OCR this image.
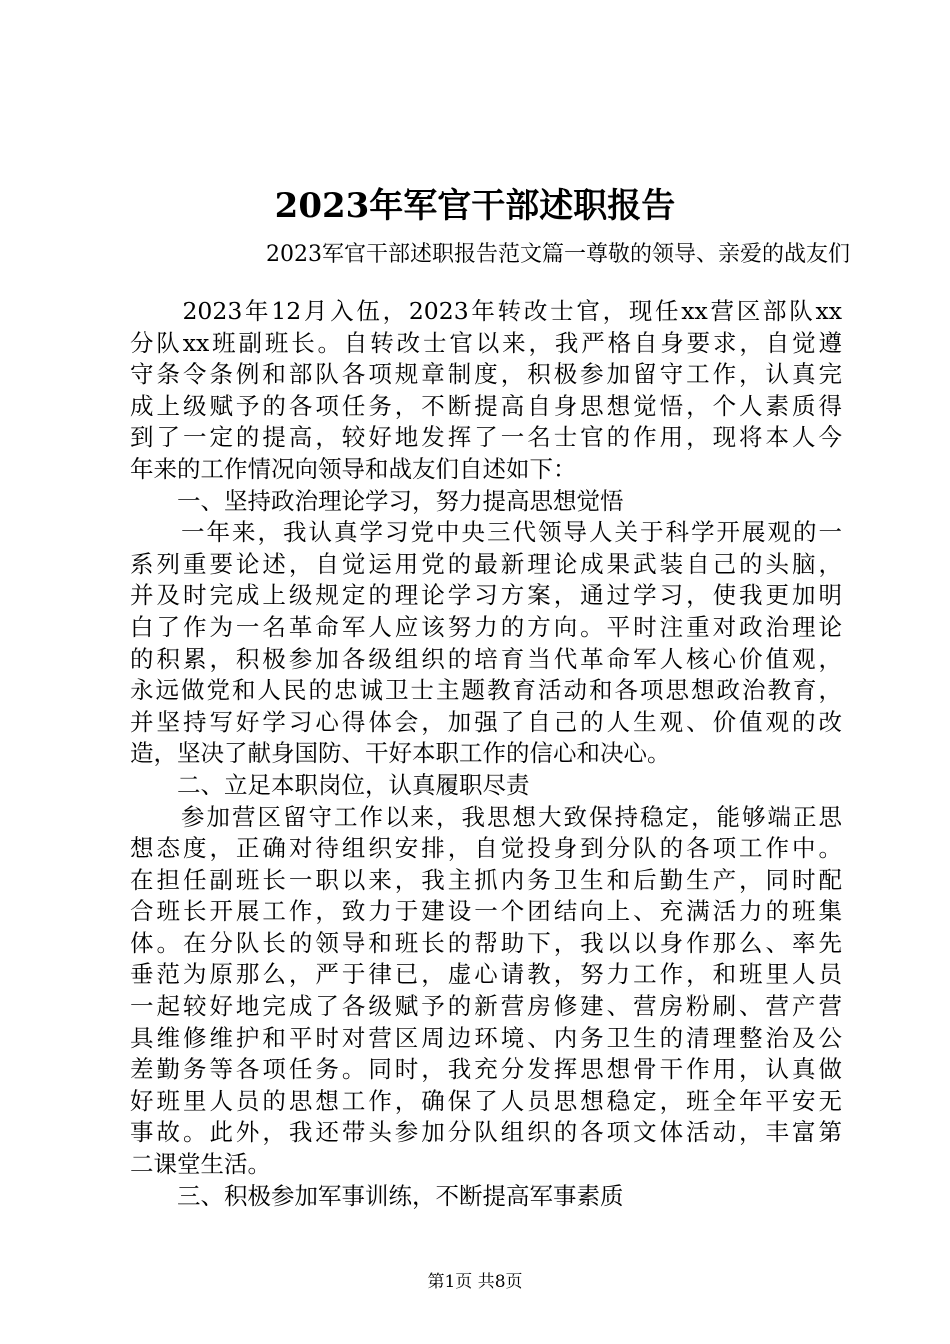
2023年军官干部述职报告
2023军官干部述职报告范文篇一尊敬的领导、亲爱的战友们
　　2023年12月入伍，2023年转改士官，现任xx营区部队xx
分队xx班副班长。自转改士官以来，我严格自身要求，自觉遵
守条令条例和部队各项规章制度，积极参加留守工作，认真完
成上级赋予的各项任务，不断提高自身思想觉悟，个人素质得
到了一定的提高，较好地发挥了一名士官的作用，现将本人今
年来的工作情况向领导和战友们自述如下：
　　一、坚持政治理论学习，努力提高思想觉悟
　　一年来，我认真学习党中央三代领导人关于科学开展观的一
系列重要论述，自觉运用党的最新理论成果武装自己的头脑，
并及时完成上级规定的理论学习方案，通过学习，使我更加明
白了作为一名革命军人应该努力的方向。平时注重对政治理论
的积累，积极参加各级组织的培育当代革命军人核心价值观，
永远做党和人民的忠诚卫士主题教育活动和各项思想政治教育，
并坚持写好学习心得体会，加强了自己的人生观、价值观的改
造，坚决了献身国防、干好本职工作的信心和决心。
　　二、立足本职岗位，认真履职尽责
　　参加营区留守工作以来，我思想大致保持稳定，能够端正思
想态度，正确对待组织安排，自觉投身到分队的各项工作中。
在担任副班长一职以来，我主抓内务卫生和后勤生产，同时配
合班长开展工作，致力于建设一个团结向上、充满活力的班集
体。在分队长的领导和班长的帮助下，我以以身作那么、率先
垂范为原那么，严于律已，虚心请教，努力工作，和班里人员
一起较好地完成了各级赋予的新营房修建、营房粉刷、营产营
具维修维护和平时对营区周边环境、内务卫生的清理整治及公
差勤务等各项任务。同时，我充分发挥思想骨干作用，认真做
好班里人员的思想工作，确保了人员思想稳定，班全年平安无
事故。此外，我还带头参加分队组织的各项文体活动，丰富第
二课堂生活。
　　三、积极参加军事训练，不断提高军事素质
第1页 共8页
